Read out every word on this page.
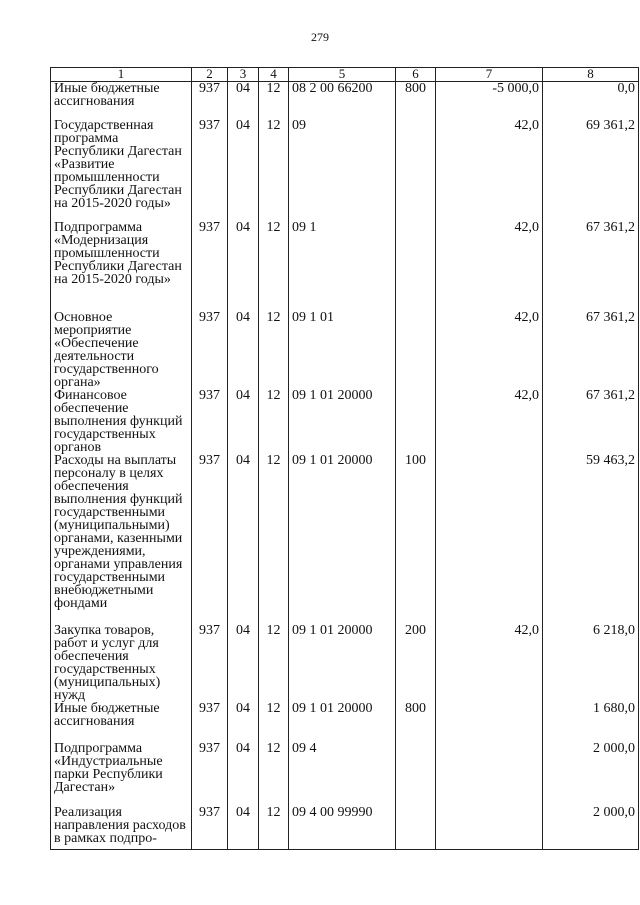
279
1	2	3	4	5	6	7	8
Иные бюджетные ассигнования	937	04	12	08 2 00 66200	800	-5 000,0	0,0
Государственная программа Республики Дагестан «Развитие промышленности Республики Дагестан на 2015-2020 годы»	937	04	12	09		42,0	69 361,2
Подпрограмма «Модернизация промышленности Республики Дагестан на 2015-2020 годы»	937	04	12	09 1		42,0	67 361,2
Основное мероприятие «Обеспечение деятельности государственного органа»	937	04	12	09 1 01		42,0	67 361,2
Финансовое обеспечение выполнения функций государственных органов	937	04	12	09 1 01 20000		42,0	67 361,2
Расходы на выплаты персоналу в целях обеспечения выполнения функций государственными (муниципальными) органами, казенными учреждениями, органами управления государственными внебюджетными фондами	937	04	12	09 1 01 20000	100		59 463,2
Закупка товаров, работ и услуг для обеспечения государственных (муниципальных) нужд	937	04	12	09 1 01 20000	200	42,0	6 218,0
Иные бюджетные ассигнования	937	04	12	09 1 01 20000	800		1 680,0
Подпрограмма «Индустриальные парки Республики Дагестан»	937	04	12	09 4			2 000,0
Реализация направления расходов в рамках подпро-	937	04	12	09 4 00 99990			2 000,0
